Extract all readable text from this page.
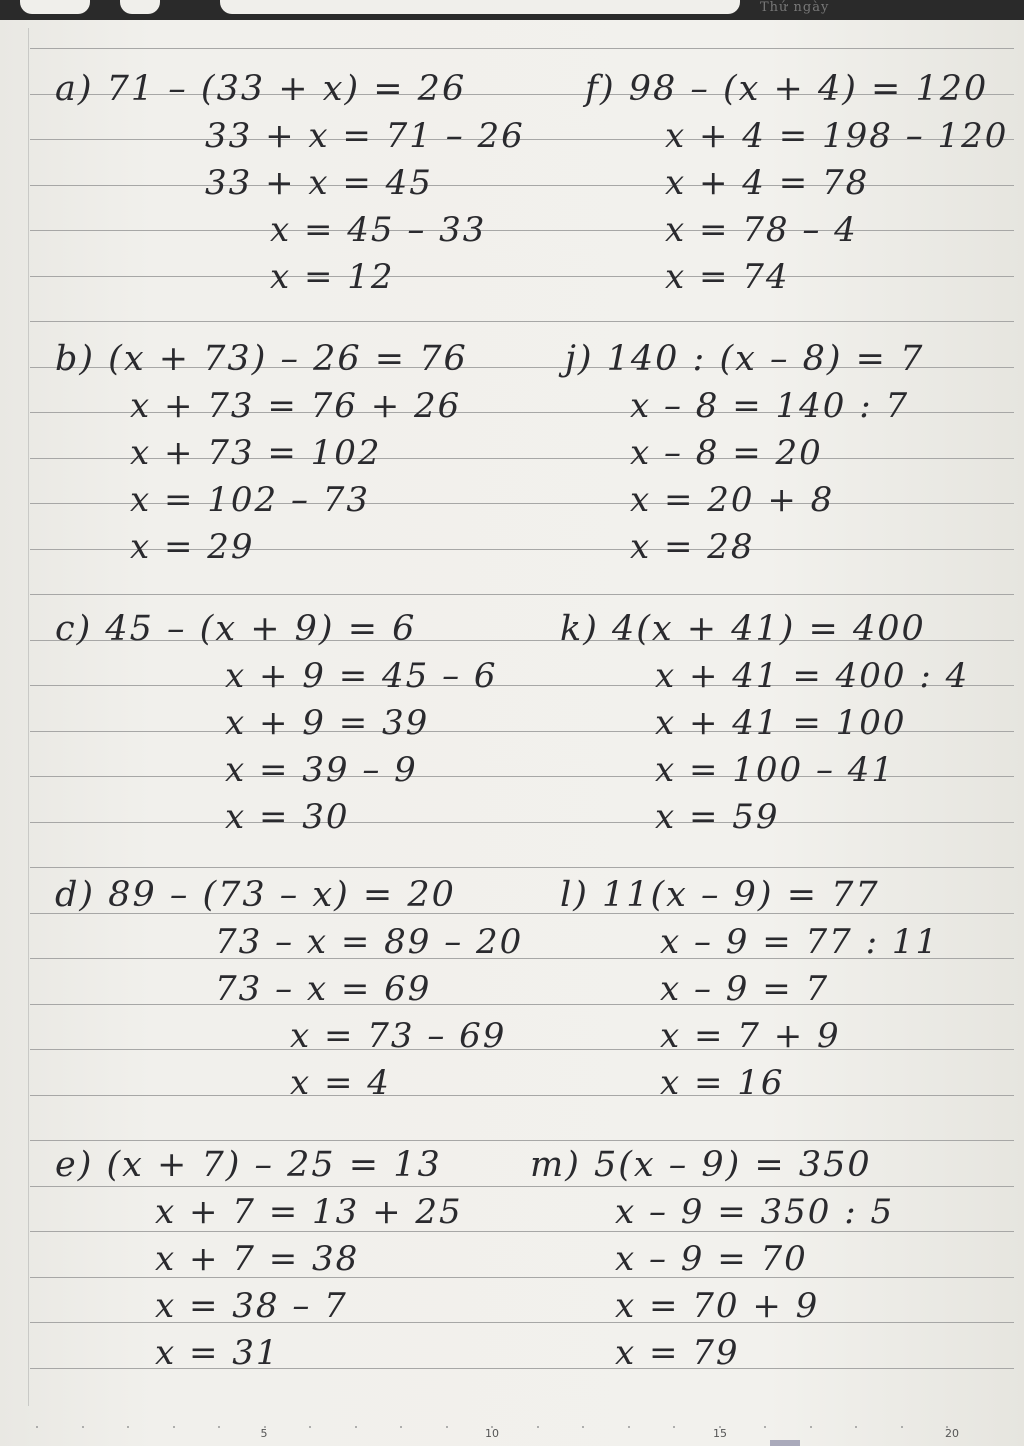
Thứ ngày
a) 71 – (33 + x) = 26
33 + x = 71 – 26
33 + x = 45
x = 45 – 33
x = 12
f) 98 – (x + 4) = 120
x + 4 = 198 – 120
x + 4 = 78
x = 78 – 4
x = 74
b) (x + 73) – 26 = 76
x + 73 = 76 + 26
x + 73 = 102
x = 102 – 73
x = 29
j) 140 : (x – 8) = 7
x – 8 = 140 : 7
x – 8 = 20
x = 20 + 8
x = 28
c) 45 – (x + 9) = 6
x + 9 = 45 – 6
x + 9 = 39
x = 39 – 9
x = 30
k) 4(x + 41) = 400
x + 41 = 400 : 4
x + 41 = 100
x = 100 – 41
x = 59
d) 89 – (73 – x) = 20
73 – x = 89 – 20
73 – x = 69
x = 73 – 69
x = 4
l) 11(x – 9) = 77
x – 9 = 77 : 11
x – 9 = 7
x = 7 + 9
x = 16
e) (x + 7) – 25 = 13
x + 7 = 13 + 25
x + 7 = 38
x = 38 – 7
x = 31
m) 5(x – 9) = 350
x – 9 = 350 : 5
x – 9 = 70
x = 70 + 9
x = 79
5	10	15	20
